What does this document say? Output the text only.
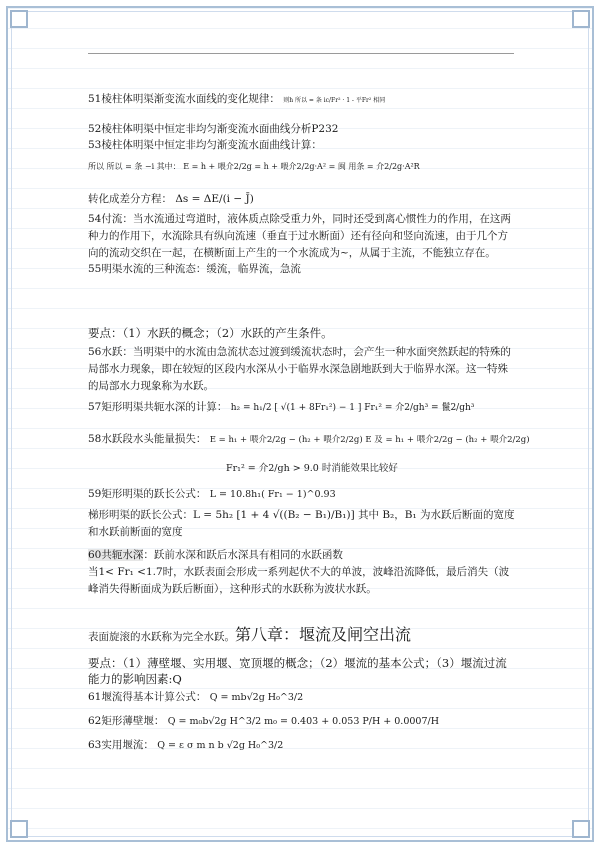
51棱柱体明渠渐变流水面线的变化规律： 则h 所以 = 条 ic/Fr² · 1 - 平Fr² 相同
52棱柱体明渠中恒定非均匀渐变流水面曲线分析P232
53棱柱体明渠中恒定非均匀渐变流水面曲线计算：
所以 所以 = 条 −i 其中： E = h + 喂介2/2g = h + 喂介2/2g·A² = 闽 用条 = 介2/2g·A²R
转化成差分方程： Δs = ΔE/(i − J̄)
54付流：当水流通过弯道时，液体质点除受重力外，同时还受到离心惯性力的作用，在这两种力的作用下，水流除具有纵向流速（垂直于过水断面）还有径向和竖向流速，由于几个方向的流动交织在一起，在横断面上产生的一个水流成为~，从属于主流，不能独立存在。
55明渠水流的三种流态：缓流，临界流，急流
要点：（1）水跃的概念；（2）水跃的产生条件。
56水跃：当明渠中的水流由急流状态过渡到缓流状态时，会产生一种水面突然跃起的特殊的局部水力现象，即在较短的区段内水深从小于临界水深急剧地跃到大于临界水深。这一特殊的局部水力现象称为水跃。
57矩形明渠共轭水深的计算： h₂ = h₁/2 [ √(1 + 8Fr₁²) − 1 ] Fr₁² = 介2/gh³ = 鬣2/gh³
58水跃段水头能量损失： E = h₁ + 喂介2/2g − (h₂ + 喂介2/2g) E 及 = h₁ + 喂介2/2g − (h₂ + 喂介2/2g)
Fr₁² = 介2/gh > 9.0 时消能效果比较好
59矩形明渠的跃长公式： L = 10.8h₁( Fr₁ − 1)^0.93
梯形明渠的跃长公式：L = 5h₂ [1 + 4 √((B₂ − B₁)/B₁)] 其中 B₂，B₁ 为水跃后断面的宽度和水跃前断面的宽度
60共轭水深：跃前水深和跃后水深具有相同的水跃函数
当1< Fr₁ <1.7时，水跃表面会形成一系列起伏不大的单波，波峰沿流降低，最后消失（波峰消失得断面成为跃后断面），这种形式的水跃称为波状水跃。
表面旋滚的水跃称为完全水跃。第八章：堰流及闸空出流
要点：（1）薄壁堰、实用堰、宽顶堰的概念；（2）堰流的基本公式；（3）堰流过流能力的影响因素:Q
61堰流得基本计算公式： Q = mb√2g H₀^3/2
62矩形薄壁堰： Q = m₀b√2g H^3/2 m₀ = 0.403 + 0.053 P/H + 0.0007/H
63实用堰流： Q = ε σ m n b √2g H₀^3/2
